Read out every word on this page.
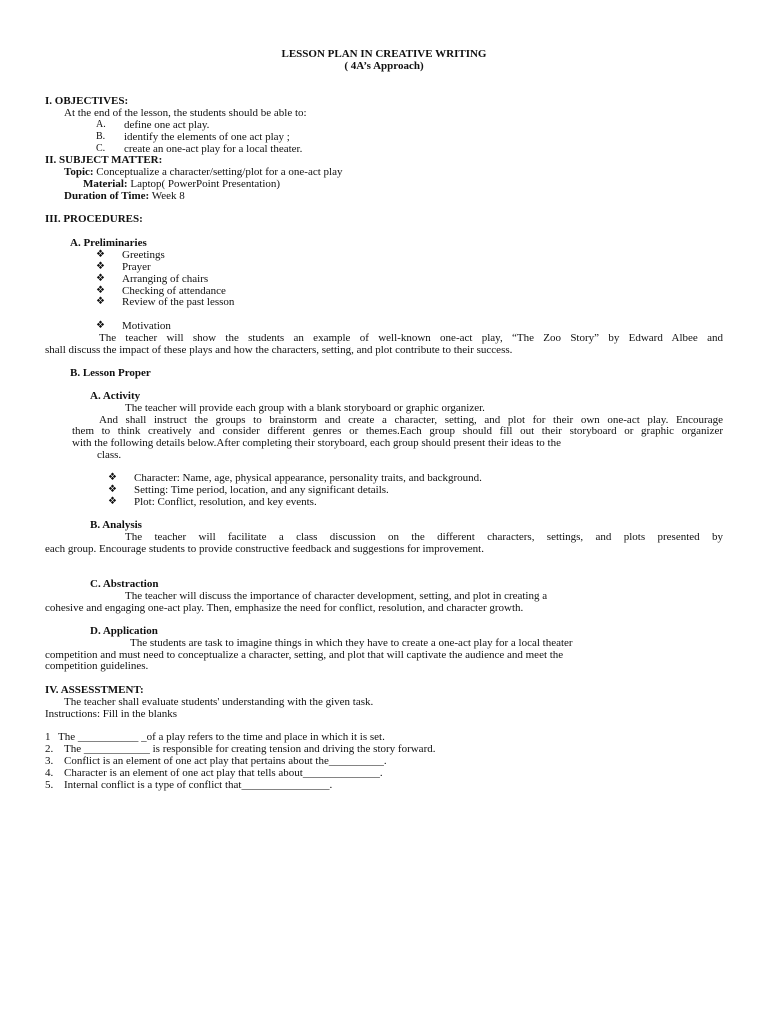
LESSON PLAN IN CREATIVE WRITING
( 4A’s Approach)
I. OBJECTIVES:
At the end of the lesson, the students should be able to:
A. define one act play.
B. identify the elements of one act play ;
C. create an one-act play for a local theater.
II. SUBJECT MATTER:
Topic: Conceptualize a character/setting/plot for a one-act play
Material: Laptop( PowerPoint Presentation)
Duration of Time: Week 8
III. PROCEDURES:
A. Preliminaries
❖ Greetings
❖ Prayer
❖ Arranging of chairs
❖ Checking of attendance
❖ Review of the past lesson
❖ Motivation
The teacher will show the students an example of well-known one-act play, “The Zoo Story” by Edward Albee and
shall discuss the impact of these plays and how the characters, setting, and plot contribute to their success.
B. Lesson Proper
A. Activity
The teacher will provide each group with a blank storyboard or graphic organizer.
And shall instruct the groups to brainstorm and create a character, setting, and plot for their own one-act play. Encourage
them to think creatively and consider different genres or themes.Each group should fill out their storyboard or graphic organizer
with the following details below.After completing their storyboard, each group should present their ideas to the
class.
❖ Character: Name, age, physical appearance, personality traits, and background.
❖ Setting: Time period, location, and any significant details.
❖ Plot: Conflict, resolution, and key events.
B. Analysis
The teacher will facilitate a class discussion on the different characters, settings, and plots presented by
each group. Encourage students to provide constructive feedback and suggestions for improvement.
C. Abstraction
The teacher will discuss the importance of character development, setting, and plot in creating a
cohesive and engaging one-act play. Then, emphasize the need for conflict, resolution, and character growth.
D. Application
The students are task to imagine things in which they have to create a one-act play for a local theater
competition and must need to conceptualize a character, setting, and plot that will captivate the audience and meet the
competition guidelines.
IV. ASSESSTMENT:
The teacher shall evaluate students' understanding with the given task.
Instructions: Fill in the blanks
1 The ___________ _of a play refers to the time and place in which it is set.
2. The ____________ is responsible for creating tension and driving the story forward.
3. Conflict is an element of one act play that pertains about the__________.
4. Character is an element of one act play that tells about______________.
5. Internal conflict is a type of conflict that________________.
